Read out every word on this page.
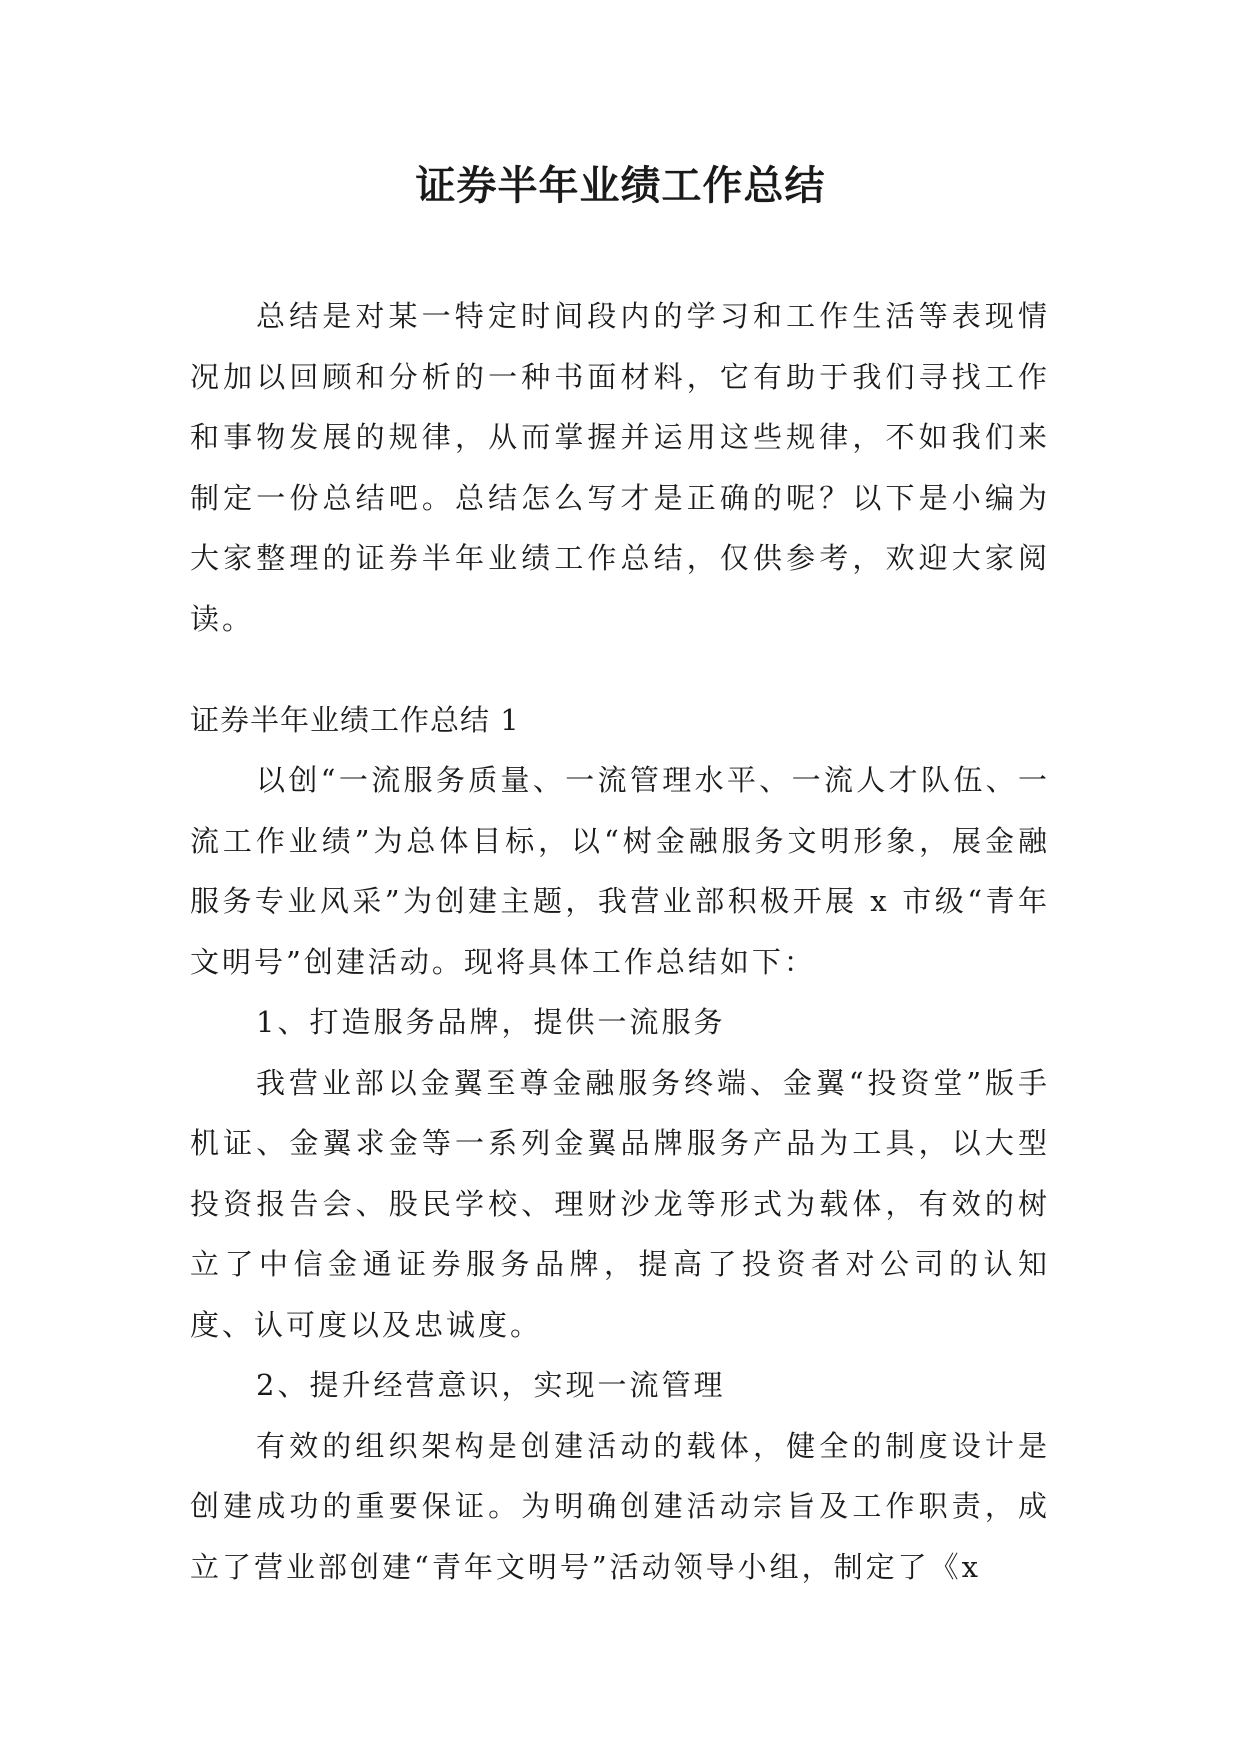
证券半年业绩工作总结

总结是对某一特定时间段内的学习和工作生活等表现情况加以回顾和分析的一种书面材料，它有助于我们寻找工作和事物发展的规律，从而掌握并运用这些规律，不如我们来制定一份总结吧。总结怎么写才是正确的呢？以下是小编为大家整理的证券半年业绩工作总结，仅供参考，欢迎大家阅读。

证券半年业绩工作总结 1

以创“一流服务质量、一流管理水平、一流人才队伍、一流工作业绩”为总体目标，以“树金融服务文明形象，展金融服务专业风采”为创建主题，我营业部积极开展 x 市级“青年文明号”创建活动。现将具体工作总结如下：

1、打造服务品牌，提供一流服务

我营业部以金翼至尊金融服务终端、金翼“投资堂”版手机证、金翼求金等一系列金翼品牌服务产品为工具，以大型投资报告会、股民学校、理财沙龙等形式为载体，有效的树立了中信金通证券服务品牌，提高了投资者对公司的认知度、认可度以及忠诚度。

2、提升经营意识，实现一流管理

有效的组织架构是创建活动的载体，健全的制度设计是创建成功的重要保证。为明确创建活动宗旨及工作职责，成立了营业部创建“青年文明号”活动领导小组，制定了《x
